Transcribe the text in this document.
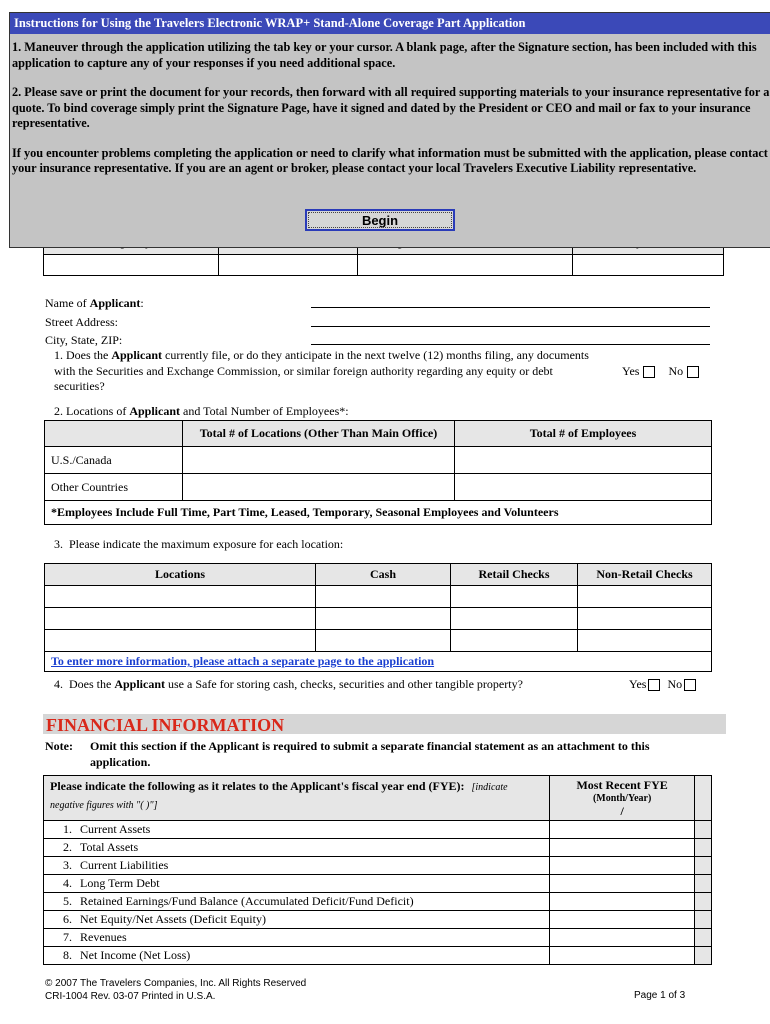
Instructions for Using the Travelers Electronic WRAP+ Stand-Alone Coverage Part Application

1. Maneuver through the application utilizing the tab key or your cursor. A blank page, after the Signature section, has been included with this application to capture any of your responses if you need additional space.

2. Please save or print the document for your records, then forward with all required supporting materials to your insurance representative for a quote. To bind coverage simply print the Signature Page, have it signed and dated by the President or CEO and mail or fax to your insurance representative.

If you encounter problems completing the application or need to clarify what information must be submitted with the application, please contact your insurance representative. If you are an agent or broker, please contact your local Travelers Executive Liability representative.

Begin
Name of Applicant:
Street Address:
City, State, ZIP:
1. Does the Applicant currently file, or do they anticipate in the next twelve (12) months filing, any documents with the Securities and Exchange Commission, or similar foreign authority regarding any equity or debt securities?
Yes No
2. Locations of Applicant and Total Number of Employees*:
	Total # of Locations (Other Than Main Office)	Total # of Employees
U.S./Canada		
Other Countries		
*Employees Include Full Time, Part Time, Leased, Temporary, Seasonal Employees and Volunteers		
3. Please indicate the maximum exposure for each location:
Locations	Cash	Retail Checks	Non-Retail Checks

To enter more information, please attach a separate page to the application			
4. Does the Applicant use a Safe for storing cash, checks, securities and other tangible property?	Yes No
FINANCIAL INFORMATION
Note:	Omit this section if the Applicant is required to submit a separate financial statement as an attachment to this application.
Please indicate the following as it relates to the Applicant's fiscal year end (FYE): [indicate negative figures with "( )"]		Most Recent FYE
(Month/Year)
/	

1.	Current Assets		
2.	Total Assets		
3.	Current Liabilities		
4.	Long Term Debt		
5.	Retained Earnings/Fund Balance (Accumulated Deficit/Fund Deficit)		
6.	Net Equity/Net Assets (Deficit Equity)		
7.	Revenues		
8.	Net Income (Net Loss)		
© 2007 The Travelers Companies, Inc. All Rights Reserved
CRI-1004 Rev. 03-07 Printed in U.S.A.	Page 1 of 3
